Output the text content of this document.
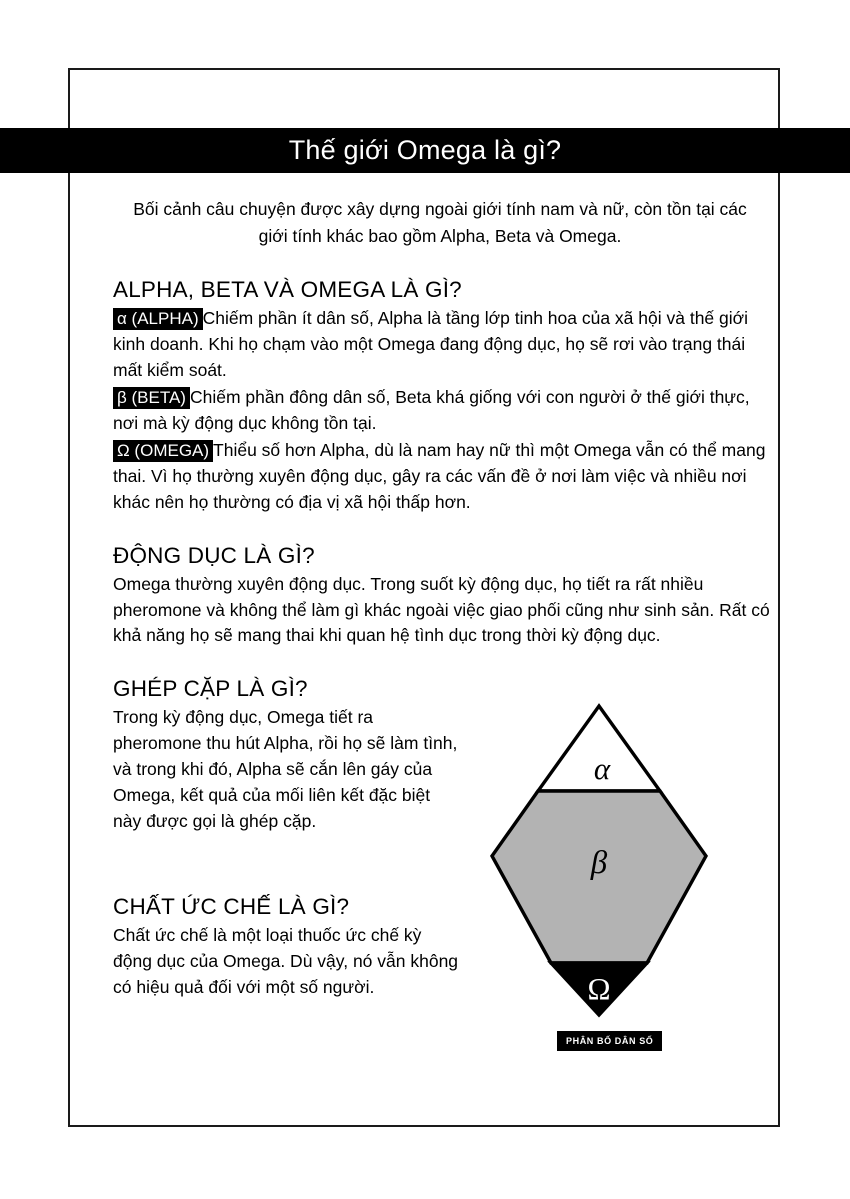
Thế giới Omega là gì?

Bối cảnh câu chuyện được xây dựng ngoài giới tính nam và nữ, còn tồn tại các giới tính khác bao gồm Alpha, Beta và Omega.

ALPHA, BETA VÀ OMEGA LÀ GÌ?

α (ALPHA) Chiếm phần ít dân số, Alpha là tầng lớp tinh hoa của xã hội và thế giới kinh doanh. Khi họ chạm vào một Omega đang động dục, họ sẽ rơi vào trạng thái mất kiểm soát.

β (BETA) Chiếm phần đông dân số, Beta khá giống với con người ở thế giới thực, nơi mà kỳ động dục không tồn tại.

Ω (OMEGA) Thiểu số hơn Alpha, dù là nam hay nữ thì một Omega vẫn có thể mang thai. Vì họ thường xuyên động dục, gây ra các vấn đề ở nơi làm việc và nhiều nơi khác nên họ thường có địa vị xã hội thấp hơn.

ĐỘNG DỤC LÀ GÌ?

Omega thường xuyên động dục. Trong suốt kỳ động dục, họ tiết ra rất nhiều pheromone và không thể làm gì khác ngoài việc giao phối cũng như sinh sản. Rất có khả năng họ sẽ mang thai khi quan hệ tình dục trong thời kỳ động dục.

GHÉP CẶP LÀ GÌ?

Trong kỳ động dục, Omega tiết ra pheromone thu hút Alpha, rồi họ sẽ làm tình, và trong khi đó, Alpha sẽ cắn lên gáy của Omega, kết quả của mối liên kết đặc biệt này được gọi là ghép cặp.

CHẤT ỨC CHẾ LÀ GÌ?

Chất ức chế là một loại thuốc ức chế kỳ động dục của Omega. Dù vậy, nó vẫn không có hiệu quả đối với một số người.

α
β
Ω
PHÂN BỐ DÂN SỐ
